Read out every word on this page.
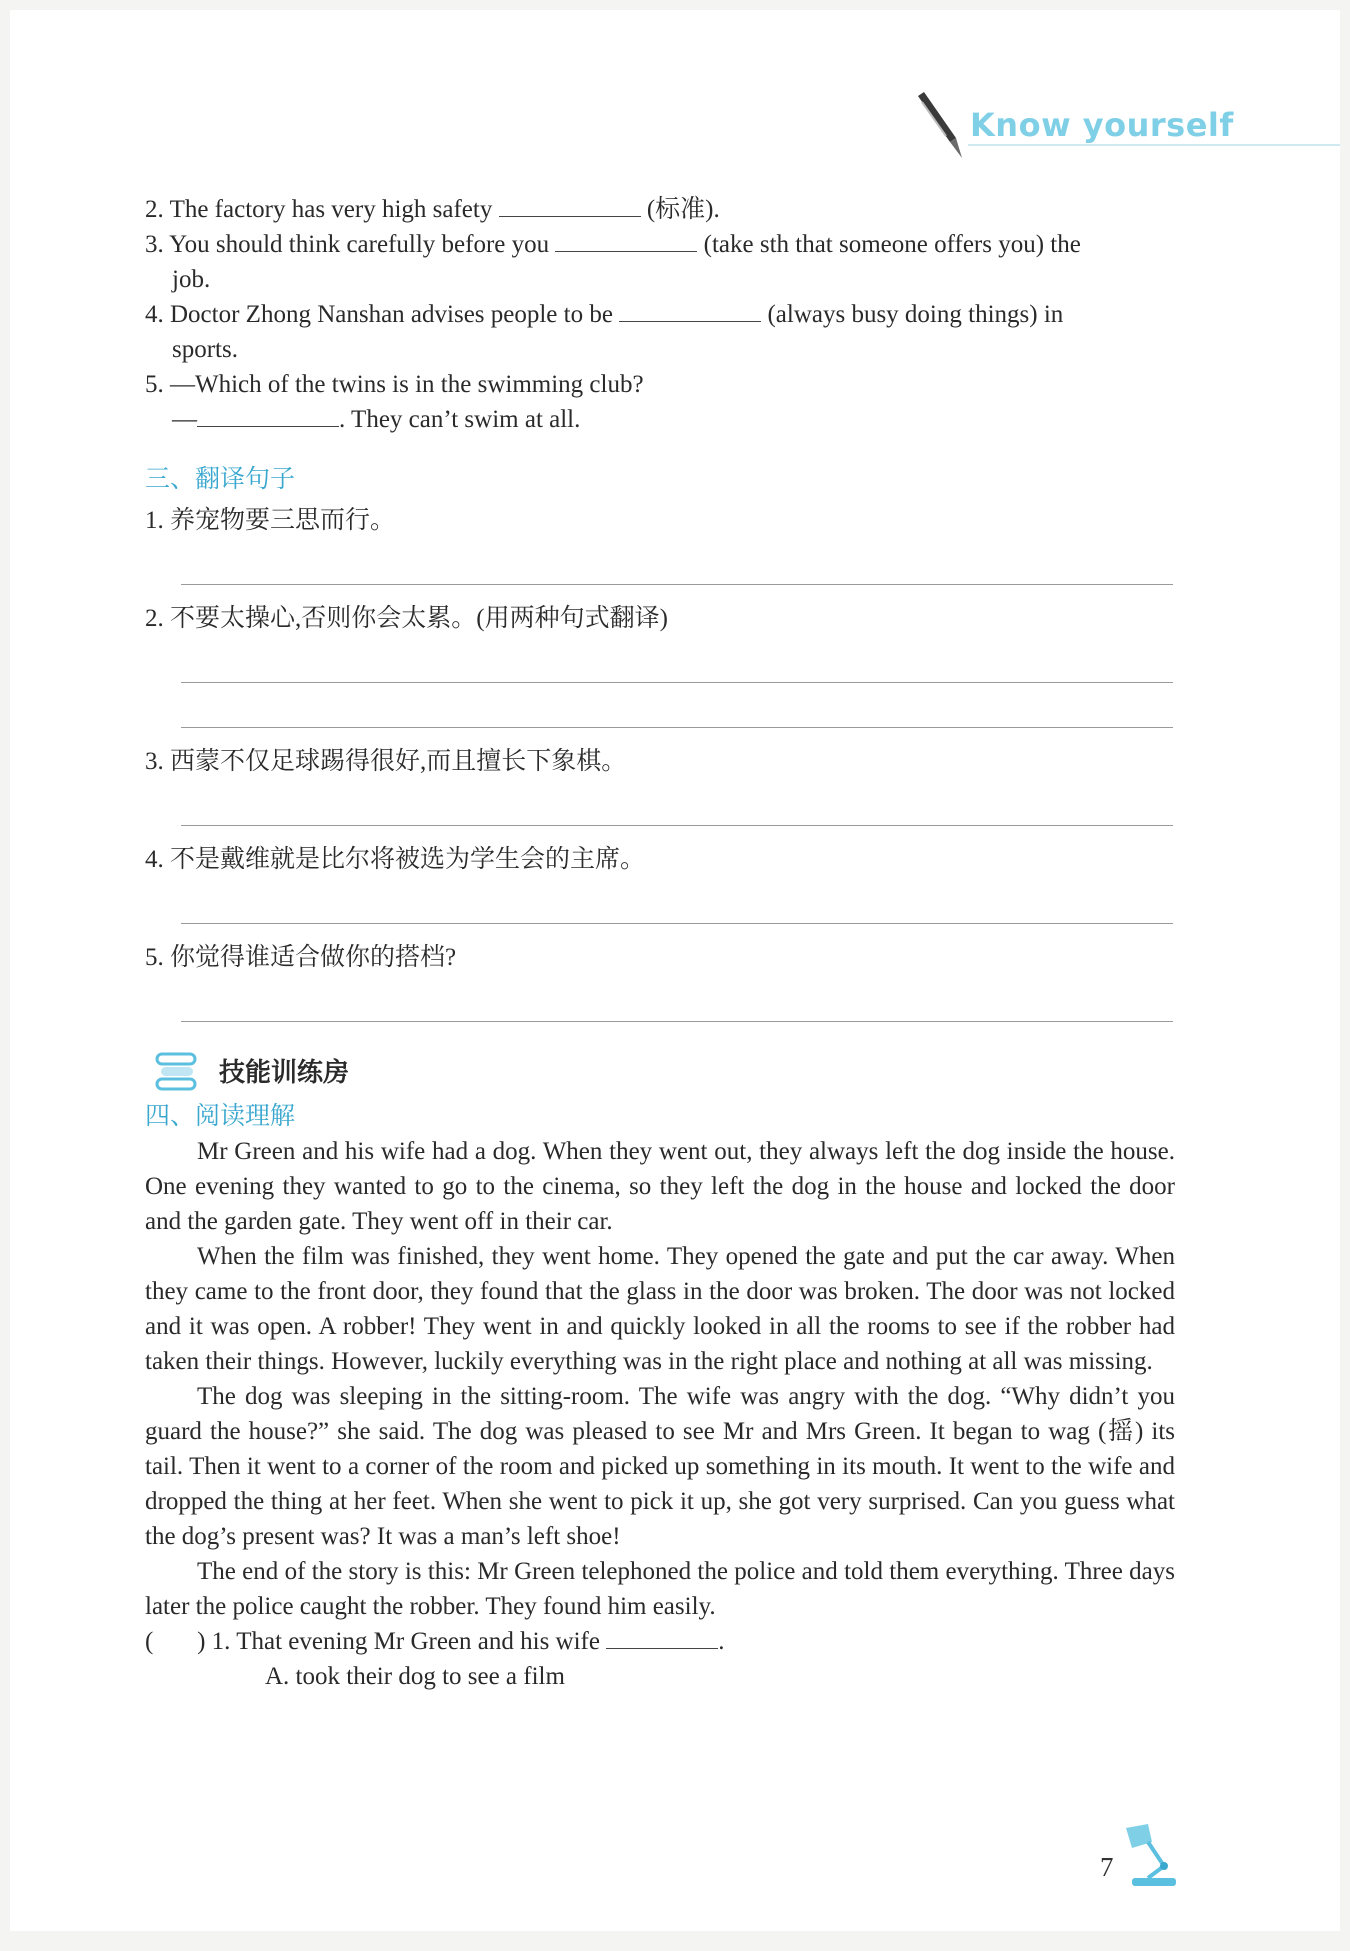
Know yourself
2. The factory has very high safety	(标准).
3. You should think carefully before you	(take sth that someone offers you) the
job.
4. Doctor Zhong Nanshan advises people to be	(always busy doing things) in
sports.
5. —Which of the twins is in the swimming club?
—	. They can’t swim at all.
三、翻译句子
1. 养宠物要三思而行。
2. 不要太操心,否则你会太累。(用两种句式翻译)
3. 西蒙不仅足球踢得很好,而且擅长下象棋。
4. 不是戴维就是比尔将被选为学生会的主席。
5. 你觉得谁适合做你的搭档?
技能训练房
四、阅读理解

Mr Green and his wife had a dog. When they went out, they always left the dog inside the house. One evening they wanted to go to the cinema, so they left the dog in the house and locked the door and the garden gate. They went off in their car.

When the film was finished, they went home. They opened the gate and put the car away. When they came to the front door, they found that the glass in the door was broken. The door was not locked and it was open. A robber! They went in and quickly looked in all the rooms to see if the robber had taken their things. However, luckily everything was in the right place and nothing at all was missing.

The dog was sleeping in the sitting-room. The wife was angry with the dog. “Why didn’t you guard the house?” she said. The dog was pleased to see Mr and Mrs Green. It began to wag (摇) its tail. Then it went to a corner of the room and picked up something in its mouth. It went to the wife and dropped the thing at her feet. When she went to pick it up, she got very surprised. Can you guess what the dog’s present was? It was a man’s left shoe!

The end of the story is this: Mr Green telephoned the police and told them everything. Three days later the police caught the robber. They found him easily.

( ) 1. That evening Mr Green and his wife	.
A. took their dog to see a film
7
